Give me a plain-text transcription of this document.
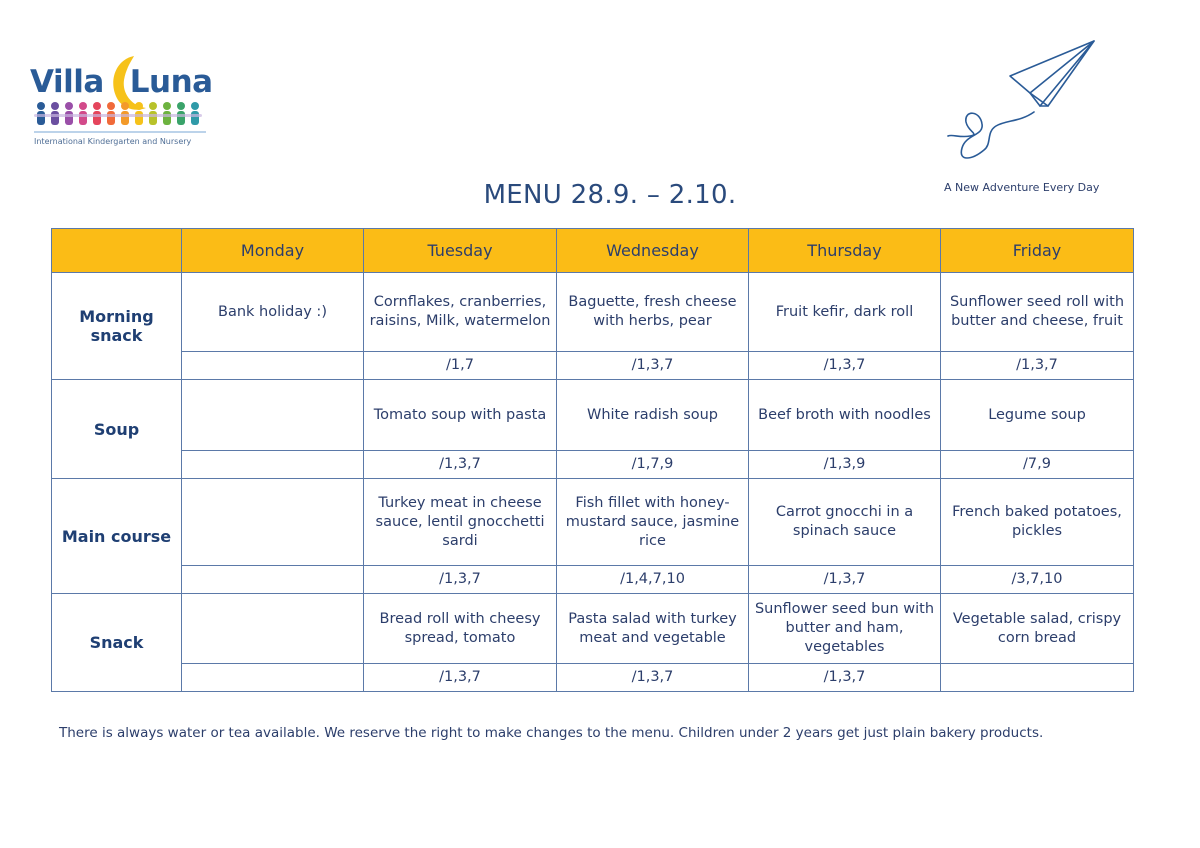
Villa Luna
International Kindergarten and Nursery
A New Adventure Every Day
MENU 28.9. – 2.10.
	Monday	Tuesday	Wednesday	Thursday	Friday
Morning snack	Bank holiday :)	Cornflakes, cranberries, raisins, Milk, watermelon	Baguette, fresh cheese with herbs, pear	Fruit kefir, dark roll	Sunflower seed roll with butter and cheese, fruit
		/1,7	/1,3,7	/1,3,7	/1,3,7
Soup		Tomato soup with pasta	White radish soup	Beef broth with noodles	Legume soup
		/1,3,7	/1,7,9	/1,3,9	/7,9
Main course		Turkey meat in cheese sauce, lentil gnocchetti sardi	Fish fillet with honey-mustard sauce, jasmine rice	Carrot gnocchi in a spinach sauce	French baked potatoes, pickles
		/1,3,7	/1,4,7,10	/1,3,7	/3,7,10
Snack		Bread roll with cheesy spread, tomato	Pasta salad with turkey meat and vegetable	Sunflower seed bun with butter and ham, vegetables	Vegetable salad, crispy corn bread
		/1,3,7	/1,3,7	/1,3,7	
There is always water or tea available. We reserve the right to make changes to the menu. Children under 2 years get just plain bakery products.
